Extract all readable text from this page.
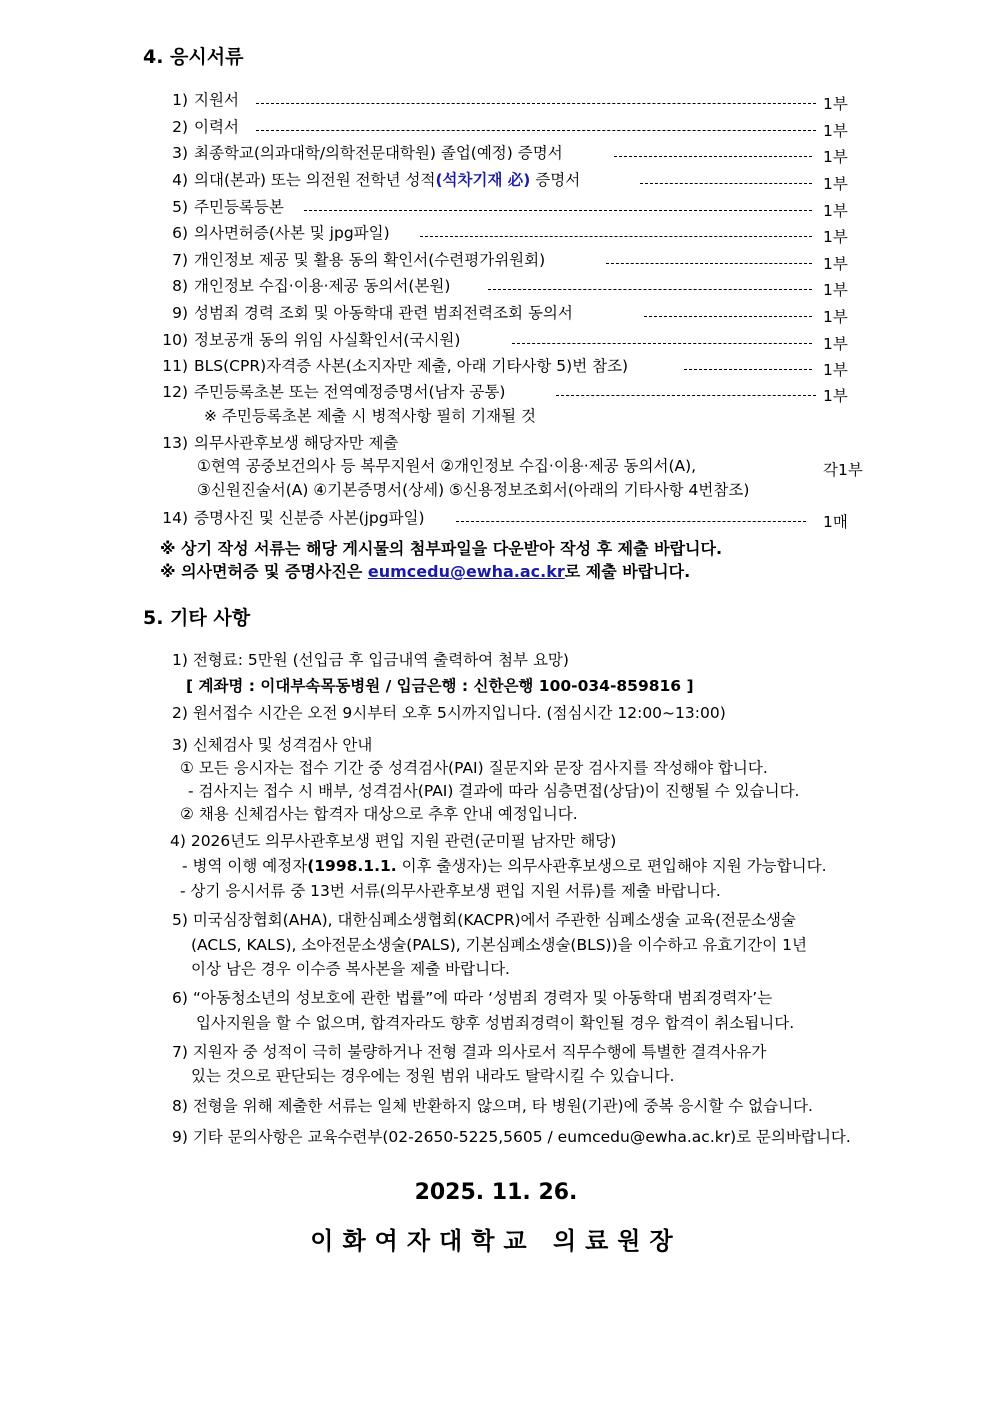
4. 응시서류
1) 지원서	1부
2) 이력서	1부
3) 최종학교(의과대학/의학전문대학원) 졸업(예정) 증명서	1부
4) 의대(본과) 또는 의전원 전학년 성적(석차기재 必) 증명서	1부
5) 주민등록등본	1부
6) 의사면허증(사본 및 jpg파일)	1부
7) 개인정보 제공 및 활용 동의 확인서(수련평가위원회)	1부
8) 개인정보 수집·이용·제공 동의서(본원)	1부
9) 성범죄 경력 조회 및 아동학대 관련 범죄전력조회 동의서	1부
10) 정보공개 동의 위임 사실확인서(국시원)	1부
11) BLS(CPR)자격증 사본(소지자만 제출, 아래 기타사항 5)번 참조)	1부
12) 주민등록초본 또는 전역예정증명서(남자 공통)	1부
※ 주민등록초본 제출 시 병적사항 필히 기재될 것
13) 의무사관후보생 해당자만 제출
①현역 공중보건의사 등 복무지원서 ②개인정보 수집·이용·제공 동의서(A),
③신원진술서(A) ④기본증명서(상세) ⑤신용정보조회서(아래의 기타사항 4번참조)
각1부
14) 증명사진 및 신분증 사본(jpg파일)	1매
※ 상기 작성 서류는 해당 게시물의 첨부파일을 다운받아 작성 후 제출 바랍니다.
※ 의사면허증 및 증명사진은 eumcedu@ewha.ac.kr로 제출 바랍니다.
5. 기타 사항
1) 전형료: 5만원 (선입금 후 입금내역 출력하여 첨부 요망)
[ 계좌명 : 이대부속목동병원 / 입금은행 : 신한은행 100-034-859816 ]
2) 원서접수 시간은 오전 9시부터 오후 5시까지입니다. (점심시간 12:00~13:00)
3) 신체검사 및 성격검사 안내
① 모든 응시자는 접수 기간 중 성격검사(PAI) 질문지와 문장 검사지를 작성해야 합니다.
- 검사지는 접수 시 배부, 성격검사(PAI) 결과에 따라 심층면접(상담)이 진행될 수 있습니다.
② 채용 신체검사는 합격자 대상으로 추후 안내 예정입니다.
4) 2026년도 의무사관후보생 편입 지원 관련(군미필 남자만 해당)
- 병역 이행 예정자(1998.1.1. 이후 출생자)는 의무사관후보생으로 편입해야 지원 가능합니다.
- 상기 응시서류 중 13번 서류(의무사관후보생 편입 지원 서류)를 제출 바랍니다.
5) 미국심장협회(AHA), 대한심폐소생협회(KACPR)에서 주관한 심폐소생술 교육(전문소생술
(ACLS, KALS), 소아전문소생술(PALS), 기본심폐소생술(BLS))을 이수하고 유효기간이 1년
이상 남은 경우 이수증 복사본을 제출 바랍니다.
6) “아동청소년의 성보호에 관한 법률”에 따라 ‘성범죄 경력자 및 아동학대 범죄경력자’는
입사지원을 할 수 없으며, 합격자라도 향후 성범죄경력이 확인될 경우 합격이 취소됩니다.
7) 지원자 중 성적이 극히 불량하거나 전형 결과 의사로서 직무수행에 특별한 결격사유가
있는 것으로 판단되는 경우에는 정원 범위 내라도 탈락시킬 수 있습니다.
8) 전형을 위해 제출한 서류는 일체 반환하지 않으며, 타 병원(기관)에 중복 응시할 수 없습니다.
9) 기타 문의사항은 교육수련부(02-2650-5225,5605 / eumcedu@ewha.ac.kr)로 문의바랍니다.
2025. 11. 26.
이화여자대학교 의료원장
